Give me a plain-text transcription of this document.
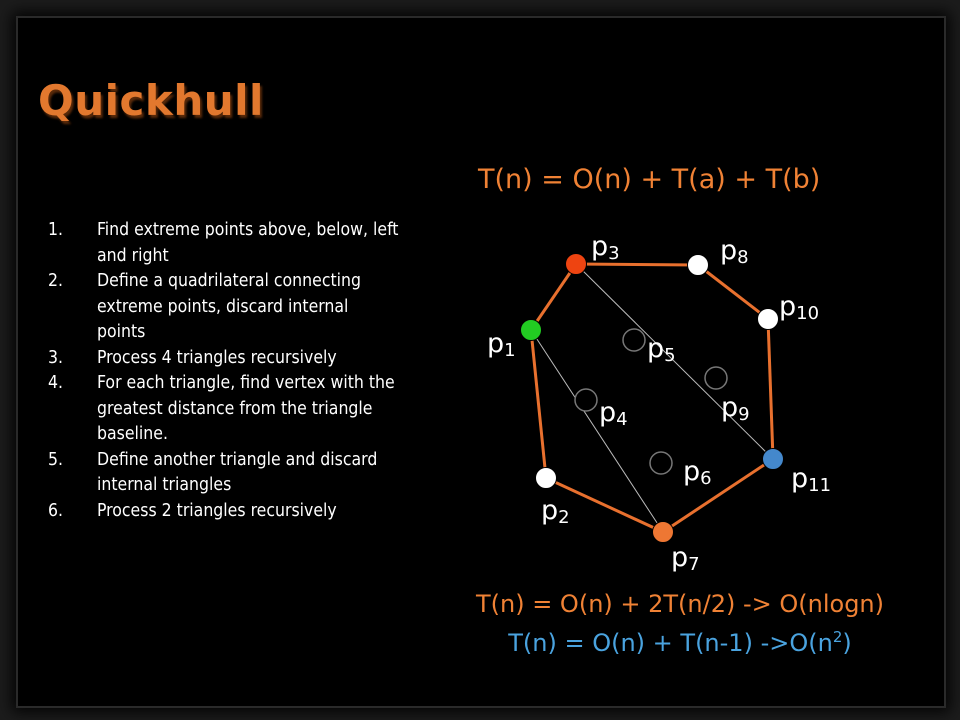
Quickhull
T(n) = O(n) + T(a) + T(b)
1.	Find extreme points above, below, left and right
2.	Define a quadrilateral connecting extreme points, discard internal points
3.	Process 4 triangles recursively
4.	For each triangle, find vertex with the greatest distance from the triangle baseline.
5.	Define another triangle and discard internal triangles
6.	Process 2 triangles recursively
p1
p2
p3
p4
p5
p6
p7
p8
p9
p10
p11
T(n) = O(n) + 2T(n/2) -> O(nlogn)
T(n) = O(n) + T(n-1) $->O(n^2)$
